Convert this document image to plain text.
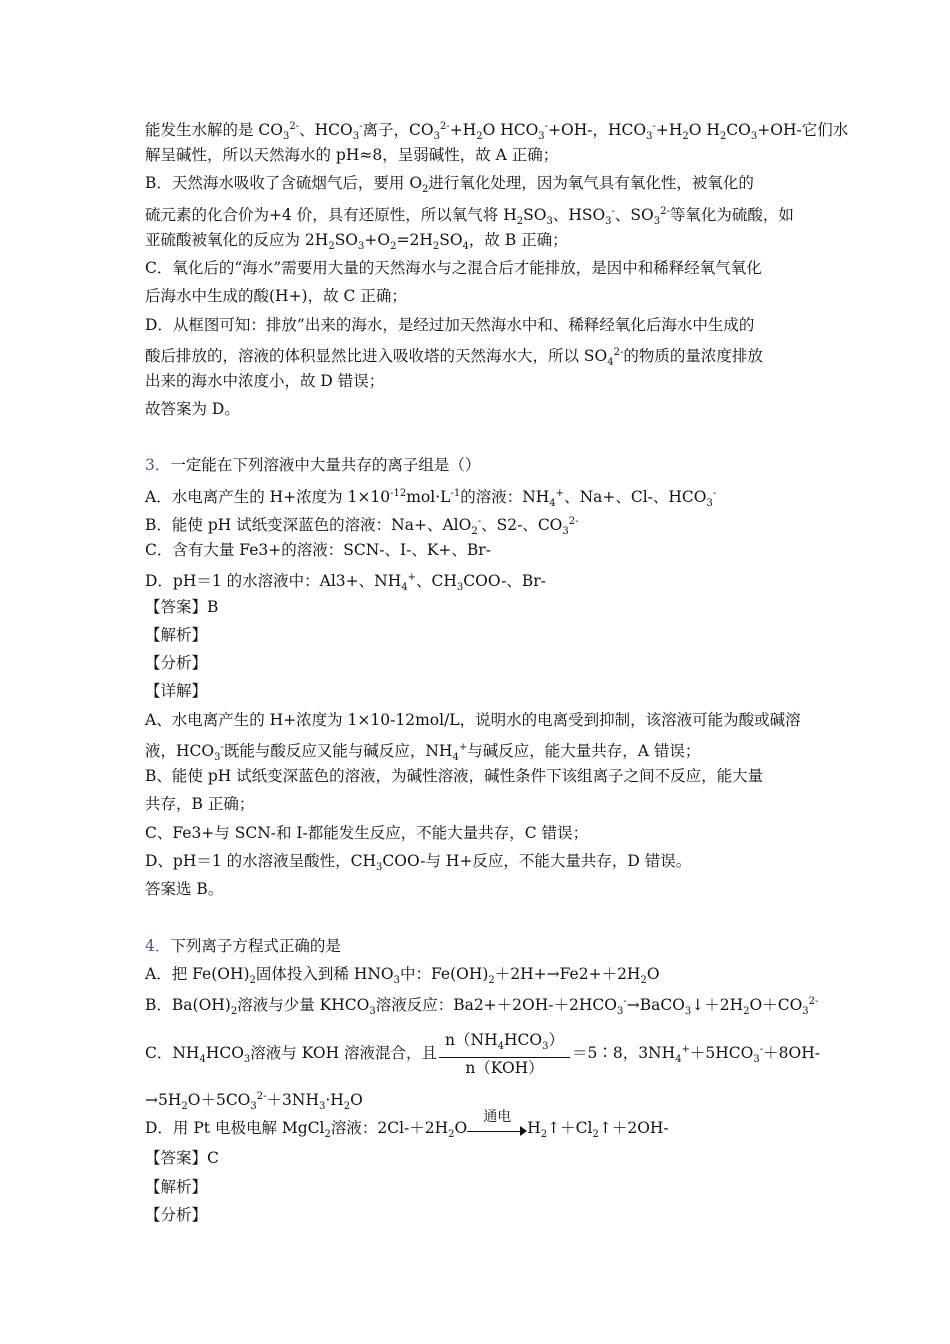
能发生水解的是 $CO_3^{2-}$、$HCO_3^-$离子，$CO_3^{2-}+H_2O$ $HCO_3^-+OH-$，$HCO_3^-+H_2O$ $H_2CO_3+OH-$它们水
解呈碱性，所以天然海水的 pH≈8，呈弱碱性，故 A 正确；
B．天然海水吸收了含硫烟气后，要用 $O_2$进行氧化处理，因为氧气具有氧化性，被氧化的
硫元素的化合价为+4 价，具有还原性，所以氧气将 $H_2SO_3$、$HSO_3^-$、$SO_3^{2-}$等氧化为硫酸，如
亚硫酸被氧化的反应为 $2H_2SO_3+O_2=2H_2SO_4$，故 B 正确；
C．氧化后的“海水”需要用大量的天然海水与之混合后才能排放，是因中和稀释经氧气氧化
后海水中生成的酸(H+)，故 C 正确；
D．从框图可知：排放”出来的海水，是经过加天然海水中和、稀释经氧化后海水中生成的
酸后排放的，溶液的体积显然比进入吸收塔的天然海水大，所以 $SO_4^{2-}$的物质的量浓度排放
出来的海水中浓度小，故 D 错误；
故答案为 D。
3．一定能在下列溶液中大量共存的离子组是（）
A．水电离产生的 H+浓度为 $1\times 10^{-12}mol\cdot L^{-1}$的溶液：$NH_4^+$、Na+、Cl-、$HCO_3^-$
B．能使 pH 试纸变深蓝色的溶液：Na+、AlO$_2$-、S2-、$CO_3^{2-}$
C．含有大量 Fe3+的溶液：SCN-、I-、K+、Br-
D．pH＝1 的水溶液中：Al3+、$NH_4^+$、$CH_3COO-$、Br-
【答案】B
【解析】
【分析】
【详解】
A、水电离产生的 H+浓度为 1×10-12mol/L，说明水的电离受到抑制，该溶液可能为酸或碱溶
液，$HCO_3^-$既能与酸反应又能与碱反应，$NH_4^+$与碱反应，能大量共存，A 错误；
B、能使 pH 试纸变深蓝色的溶液，为碱性溶液，碱性条件下该组离子之间不反应，能大量
共存，B 正确；
C、Fe3+与 SCN-和 I-都能发生反应，不能大量共存，C 错误；
D、pH＝1 的水溶液呈酸性，$CH_3COO-$与 H+反应，不能大量共存，D 错误。
答案选 B。
4．下列离子方程式正确的是
A．把 $Fe(OH)_2$固体投入到稀 $HNO_3$中：$Fe(OH)_2+2H+\to Fe2++2H_2O$
B．$Ba(OH)_2$溶液与少量 $KHCO_3$溶液反应：$Ba2++2OH-+2HCO_3^-\to BaCO_3↓+2H_2O+CO_3^{2-}$
C．$NH_4HCO_3$溶液与 KOH 溶液混合，且 $\frac{n(NH_4HCO_3)}{\text{n（KOH）}}$ ＝5∶8，$3NH_4^++5HCO_3^-+8OH-$
$\to 5H_2O+5CO_3^{2-}+3NH_3\cdot H_2O$
D．用 Pt 电极电解 MgCl$_2$溶液：$2Cl-+2H_2O$
通电
$H_2↑+Cl_2↑+2OH-$
【答案】C
【解析】
【分析】
